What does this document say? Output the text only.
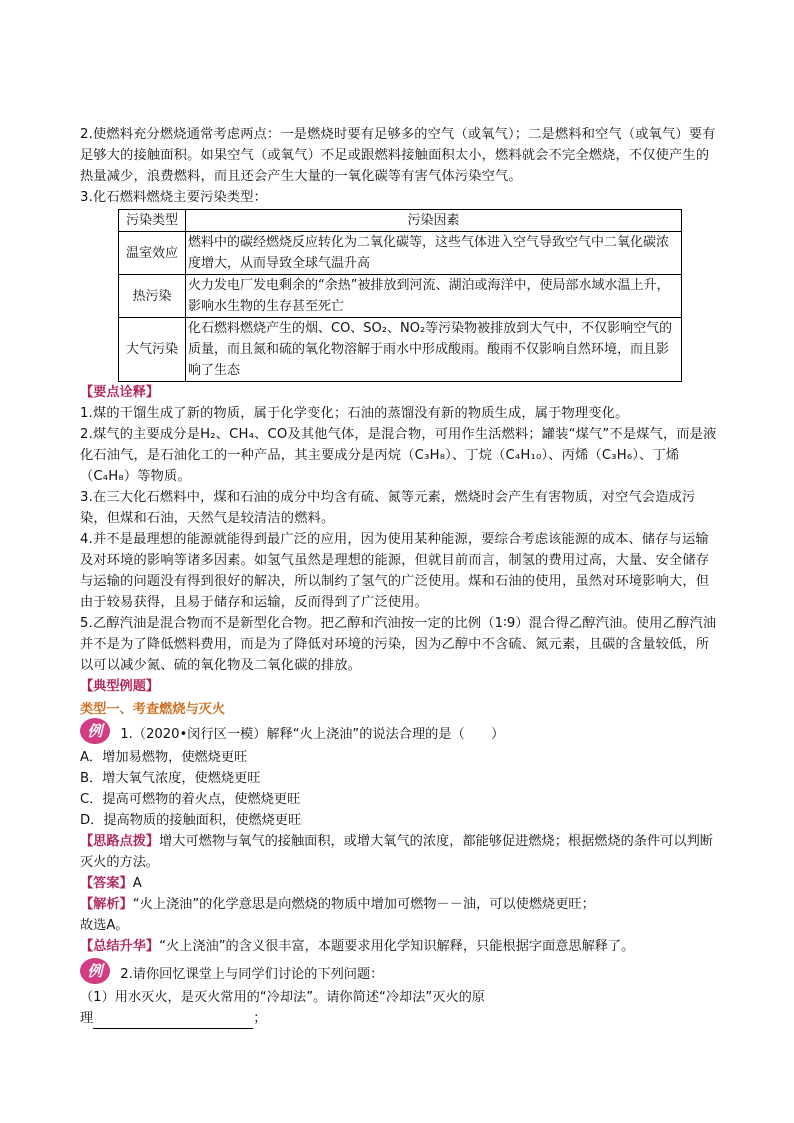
2.使燃料充分燃烧通常考虑两点：一是燃烧时要有足够多的空气（或氧气）；二是燃料和空气（或氧气）要有足够大的接触面积。如果空气（或氧气）不足或跟燃料接触面积太小，燃料就会不完全燃烧，不仅使产生的热量减少，浪费燃料，而且还会产生大量的一氧化碳等有害气体污染空气。

3.化石燃料燃烧主要污染类型：

污染类型	污染因素
温室效应	燃料中的碳经燃烧反应转化为二氧化碳等，这些气体进入空气导致空气中二氧化碳浓度增大，从而导致全球气温升高
热污染	火力发电厂发电剩余的“余热”被排放到河流、湖泊或海洋中，使局部水域水温上升，影响水生物的生存甚至死亡
大气污染	化石燃料燃烧产生的烟、CO、SO₂、NO₂等污染物被排放到大气中，不仅影响空气的质量，而且氮和硫的氧化物溶解于雨水中形成酸雨。酸雨不仅影响自然环境，而且影响了生态

【要点诠释】

1.煤的干馏生成了新的物质，属于化学变化；石油的蒸馏没有新的物质生成，属于物理变化。

2.煤气的主要成分是H₂、CH₄、CO及其他气体，是混合物，可用作生活燃料；罐装“煤气”不是煤气，而是液化石油气，是石油化工的一种产品，其主要成分是丙烷（C₃H₈）、丁烷（C₄H₁₀）、丙烯（C₃H₆）、丁烯（C₄H₈）等物质。

3.在三大化石燃料中，煤和石油的成分中均含有硫、氮等元素，燃烧时会产生有害物质，对空气会造成污染，但煤和石油，天然气是较清洁的燃料。

4.并不是最理想的能源就能得到最广泛的应用，因为使用某种能源，要综合考虑该能源的成本、储存与运输及对环境的影响等诸多因素。如氢气虽然是理想的能源，但就目前而言，制氢的费用过高，大量、安全储存与运输的问题没有得到很好的解决，所以制约了氢气的广泛使用。煤和石油的使用，虽然对环境影响大，但由于较易获得，且易于储存和运输，反而得到了广泛使用。

5.乙醇汽油是混合物而不是新型化合物。把乙醇和汽油按一定的比例（1∶9）混合得乙醇汽油。使用乙醇汽油并不是为了降低燃料费用，而是为了降低对环境的污染，因为乙醇中不含硫、氮元素，且碳的含量较低，所以可以减少氮、硫的氧化物及二氧化碳的排放。

【典型例题】

类型一、考查燃烧与灭火

例 1.（2020•闵行区一模）解释“火上浇油”的说法合理的是（　　）

A．增加易燃物，使燃烧更旺

B．增大氧气浓度，使燃烧更旺

C．提高可燃物的着火点，使燃烧更旺

D．提高物质的接触面积，使燃烧更旺

【思路点拨】增大可燃物与氧气的接触面积，或增大氧气的浓度，都能够促进燃烧；根据燃烧的条件可以判断灭火的方法。

【答案】A

【解析】“火上浇油”的化学意思是向燃烧的物质中增加可燃物－－油，可以使燃烧更旺；

故选A。

【总结升华】“火上浇油”的含义很丰富，本题要求用化学知识解释，只能根据字面意思解释了。

例 2.请你回忆课堂上与同学们讨论的下列问题：

（1）用水灭火，是灭火常用的“冷却法”。请你简述“冷却法”灭火的原

理	；
